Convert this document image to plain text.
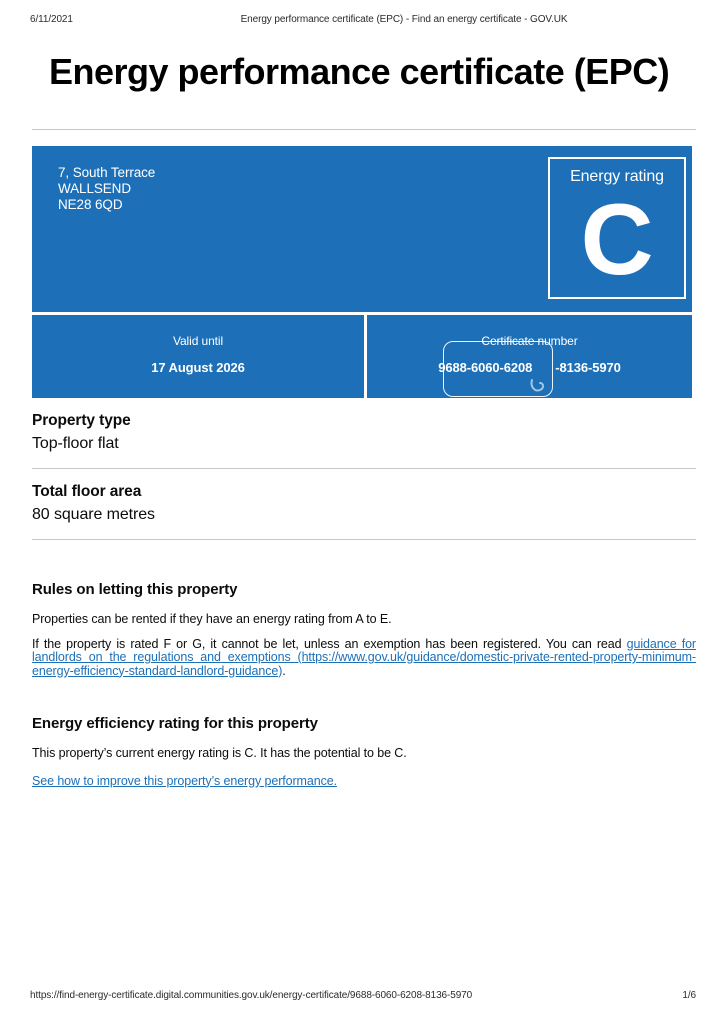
6/11/2021	Energy performance certificate (EPC) - Find an energy certificate - GOV.UK
Energy performance certificate (EPC)
7, South Terrace
WALLSEND
NE28 6QD
Energy rating
C
Valid until
17 August 2026
Certificate number
9688-6060-6208 -8136-5970
Property type
Top-floor flat
Total floor area
80 square metres
Rules on letting this property

Properties can be rented if they have an energy rating from A to E.

If the property is rated F or G, it cannot be let, unless an exemption has been registered. You can read guidance for landlords on the regulations and exemptions (https://www.gov.uk/guidance/domestic-private-rented-property-minimum-energy-efficiency-standard-landlord-guidance).

Energy efficiency rating for this property

This property’s current energy rating is C. It has the potential to be C.

See how to improve this property’s energy performance.

https://find-energy-certificate.digital.communities.gov.uk/energy-certificate/9688-6060-6208-8136-5970	1/6
